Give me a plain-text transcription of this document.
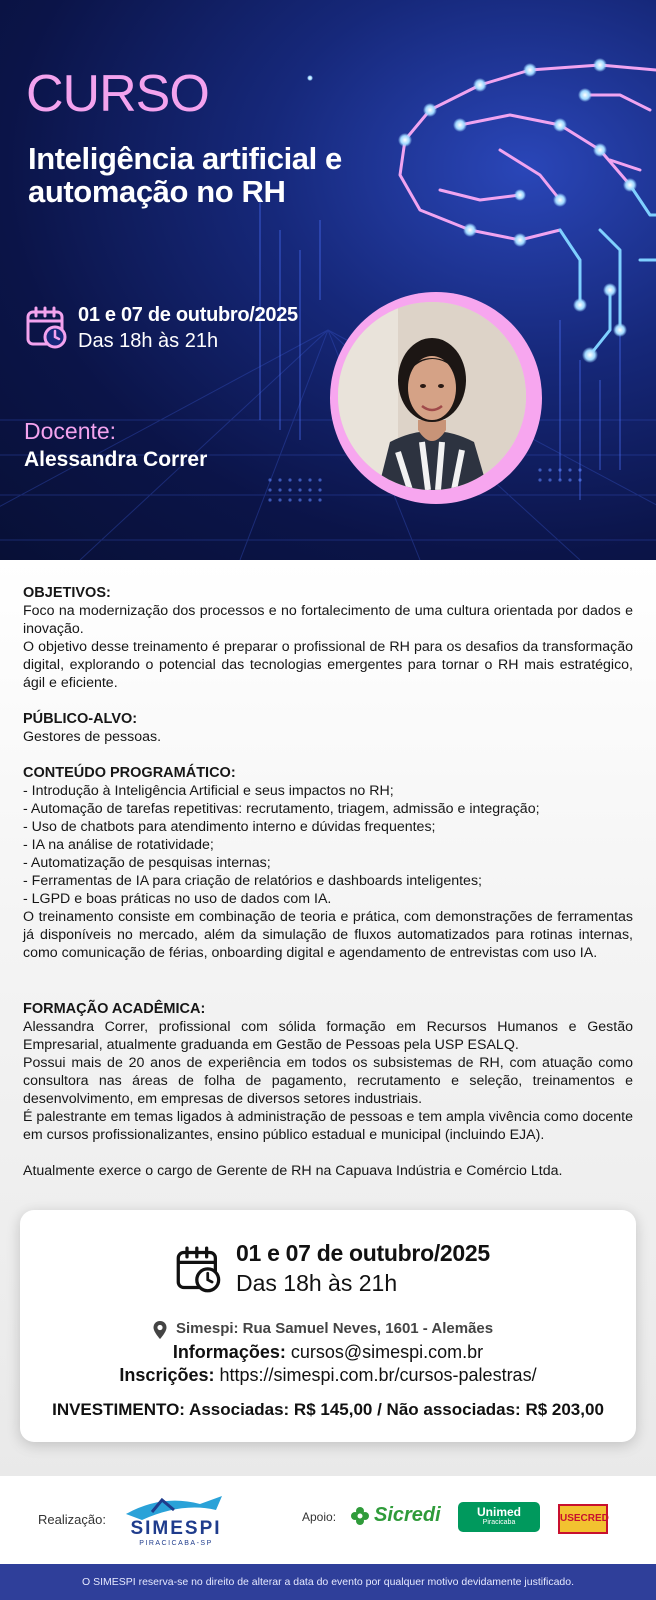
CURSO
Inteligência artificial e automação no RH
01 e 07 de outubro/2025
Das 18h às 21h
Docente:
Alessandra Correr
OBJETIVOS:
Foco na modernização dos processos e no fortalecimento de uma cultura orientada por dados e inovação.
O objetivo desse treinamento é preparar o profissional de RH para os desafios da transformação digital, explorando o potencial das tecnologias emergentes para tornar o RH mais estratégico, ágil e eficiente.
PÚBLICO-ALVO:
Gestores de pessoas.
CONTEÚDO PROGRAMÁTICO:
- Introdução à Inteligência Artificial e seus impactos no RH;
- Automação de tarefas repetitivas: recrutamento, triagem, admissão e integração;
- Uso de chatbots para atendimento interno e dúvidas frequentes;
- IA na análise de rotatividade;
- Automatização de pesquisas internas;
- Ferramentas de IA para criação de relatórios e dashboards inteligentes;
- LGPD e boas práticas no uso de dados com IA.
O treinamento consiste em combinação de teoria e prática, com demonstrações de ferramentas já disponíveis no mercado, além da simulação de fluxos automatizados para rotinas internas, como comunicação de férias, onboarding digital e agendamento de entrevistas com uso IA.
FORMAÇÃO ACADÊMICA:
Alessandra Correr, profissional com sólida formação em Recursos Humanos e Gestão Empresarial, atualmente graduanda em Gestão de Pessoas pela USP ESALQ.
Possui mais de 20 anos de experiência em todos os subsistemas de RH, com atuação como consultora nas áreas de folha de pagamento, recrutamento e seleção, treinamentos e desenvolvimento, em empresas de diversos setores industriais.
É palestrante em temas ligados à administração de pessoas e tem ampla vivência como docente em cursos profissionalizantes, ensino público estadual e municipal (incluindo EJA).
Atualmente exerce o cargo de Gerente de RH na Capuava Indústria e Comércio Ltda.
01 e 07 de outubro/2025
Das 18h às 21h
Simespi: Rua Samuel Neves, 1601 - Alemães
Informações: cursos@simespi.com.br
Inscrições: https://simespi.com.br/cursos-palestras/
INVESTIMENTO: Associadas: R$ 145,00 / Não associadas: R$ 203,00
Realização: SIMESPI
PIRACICABA-SP
Apoio: Sicredi	Unimed
Piracicaba	USECRED
O SIMESPI reserva-se no direito de alterar a data do evento por qualquer motivo devidamente justificado.
